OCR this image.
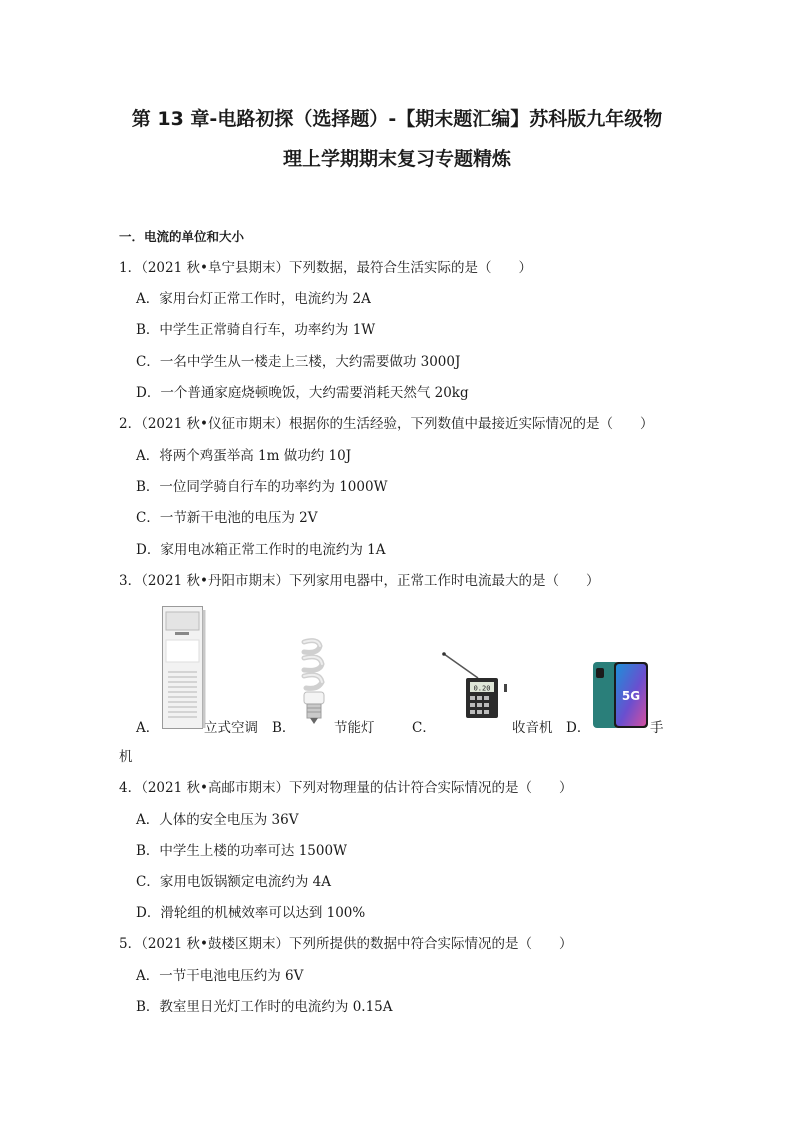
第 13 章-电路初探（选择题）-【期末题汇编】苏科版九年级物
理上学期期末复习专题精炼
一．电流的单位和大小
1．（2021 秋•阜宁县期末）下列数据，最符合生活实际的是（　　）
A．家用台灯正常工作时，电流约为 2A
B．中学生正常骑自行车，功率约为 1W
C．一名中学生从一楼走上三楼，大约需要做功 3000J
D．一个普通家庭烧顿晚饭，大约需要消耗天然气 20kg
2．（2021 秋•仪征市期末）根据你的生活经验，下列数值中最接近实际情况的是（　　）
A．将两个鸡蛋举高 1m 做功约 10J
B．一位同学骑自行车的功率约为 1000W
C．一节新干电池的电压为 2V
D．家用电冰箱正常工作时的电流约为 1A
3．（2021 秋•丹阳市期末）下列家用电器中，正常工作时电流最大的是（　　）
A．	立式空调 B．	节能灯	C．
0.20
收音机 D．
5G
手
机
4．（2021 秋•高邮市期末）下列对物理量的估计符合实际情况的是（　　）
A．人体的安全电压为 36V
B．中学生上楼的功率可达 1500W
C．家用电饭锅额定电流约为 4A
D．滑轮组的机械效率可以达到 100%
5．（2021 秋•鼓楼区期末）下列所提供的数据中符合实际情况的是（　　）
A．一节干电池电压约为 6V
B．教室里日光灯工作时的电流约为 0.15A
